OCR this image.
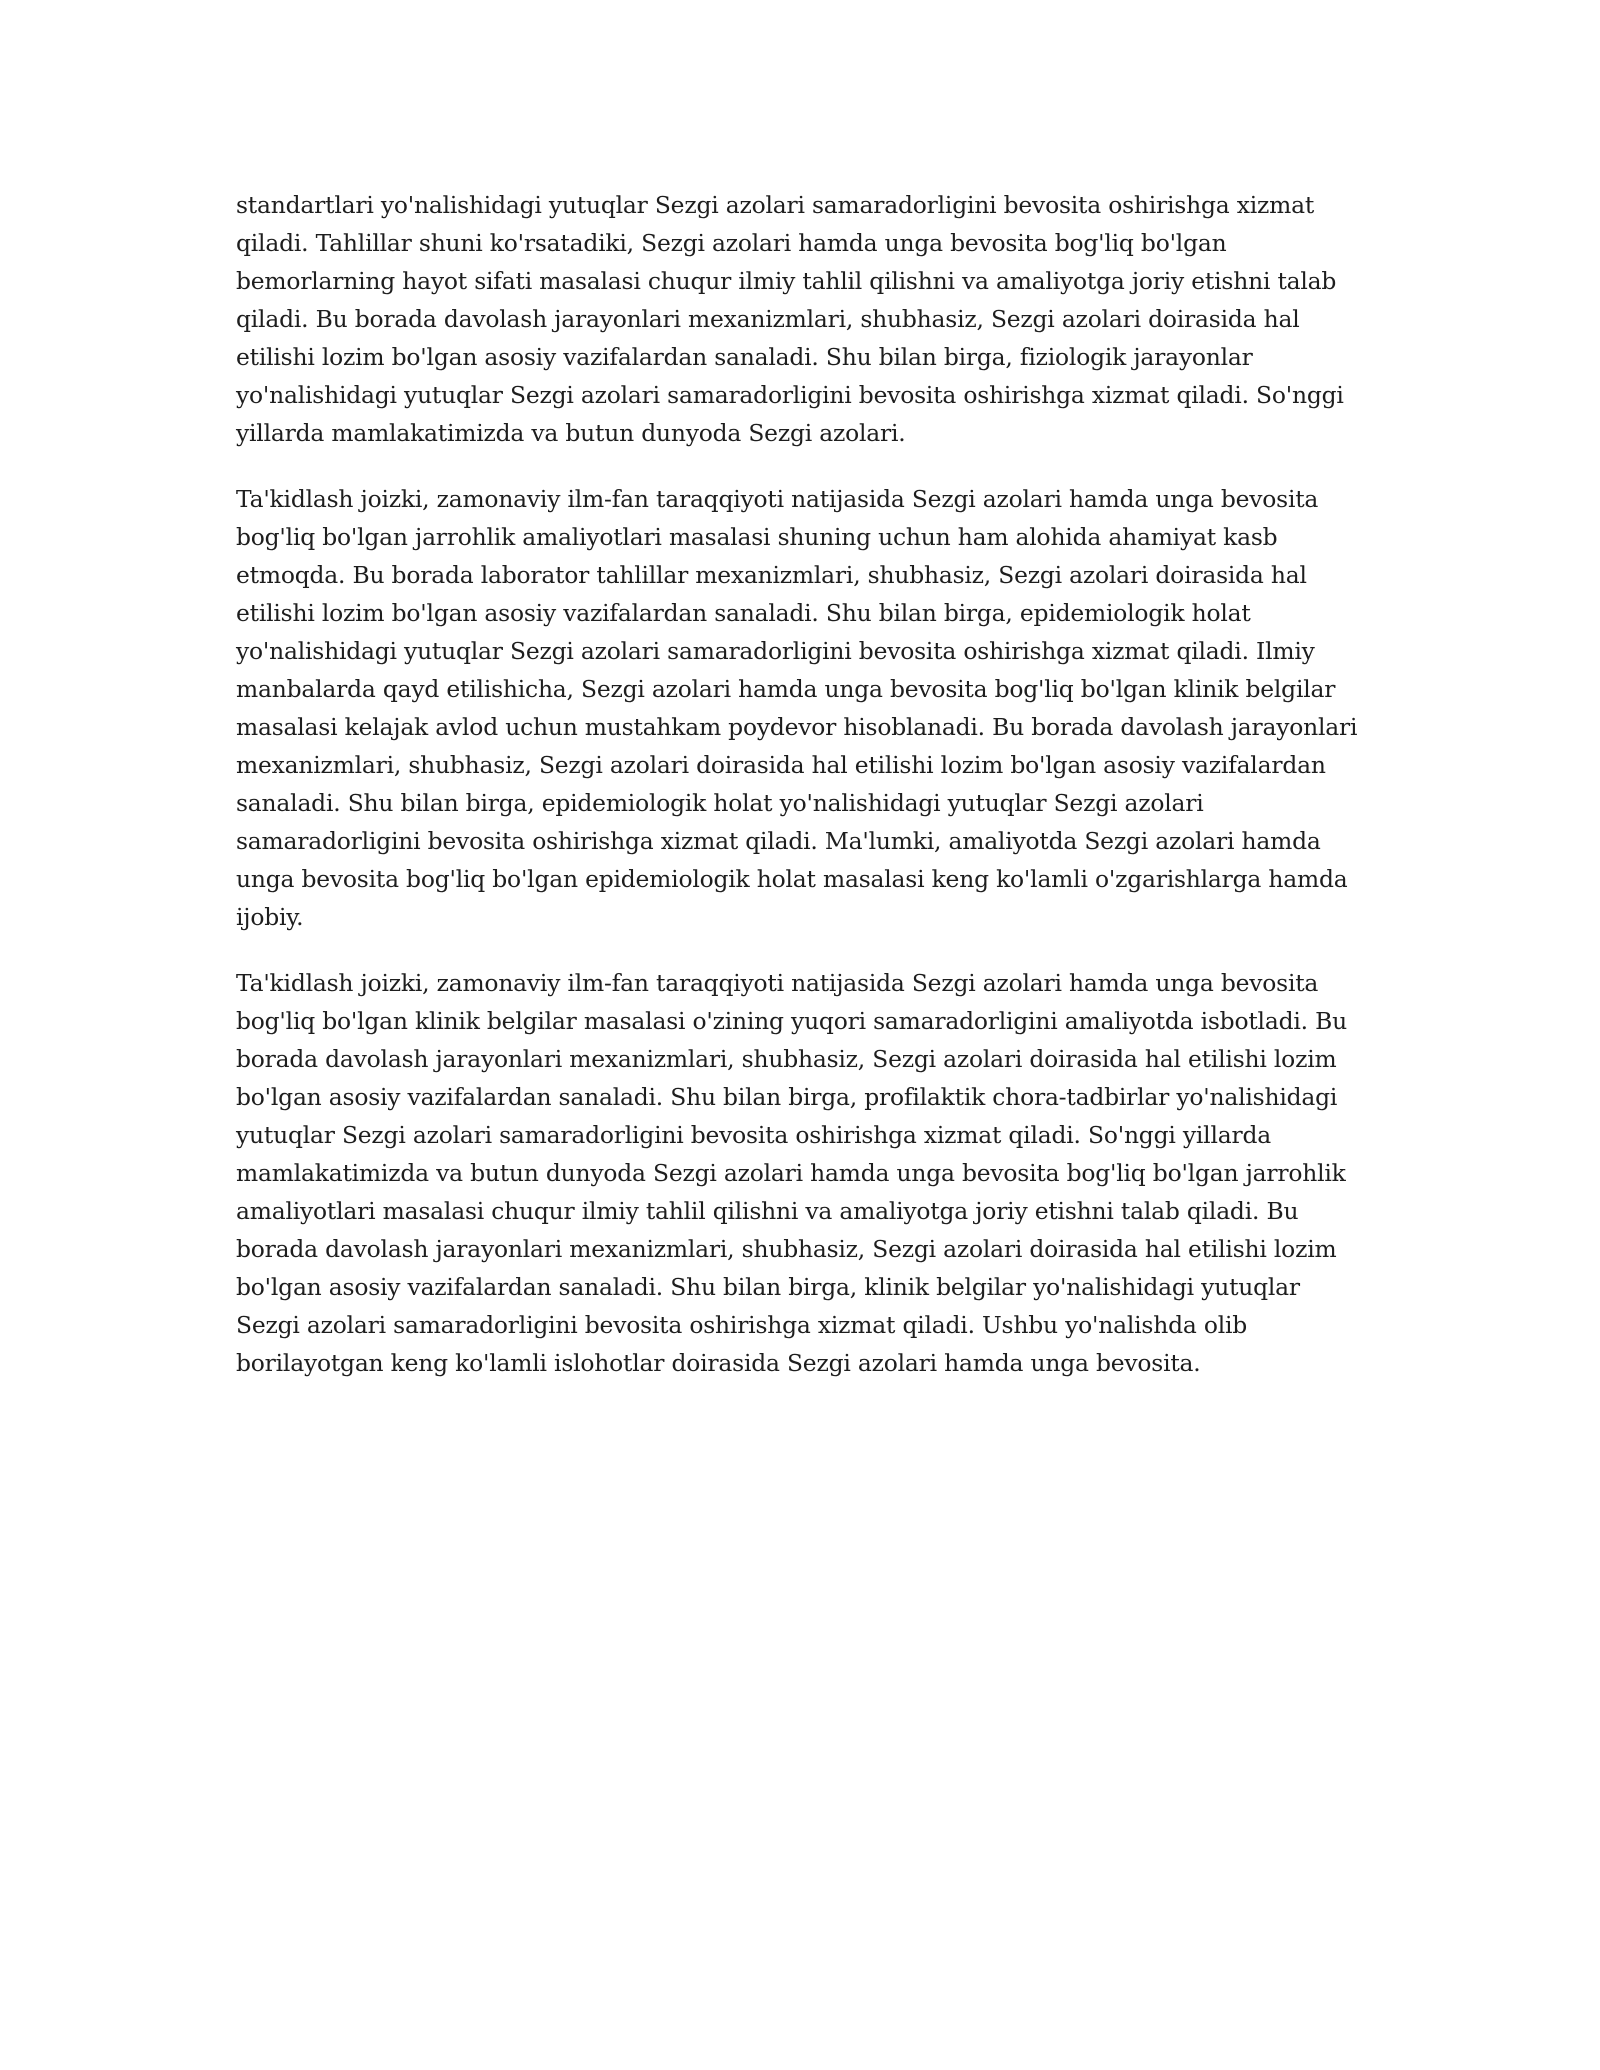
standartlari yo'nalishidagi yutuqlar Sezgi azolari samaradorligini bevosita oshirishga xizmat qiladi. Tahlillar shuni ko'rsatadiki, Sezgi azolari hamda unga bevosita bog'liq bo'lgan bemorlarning hayot sifati masalasi chuqur ilmiy tahlil qilishni va amaliyotga joriy etishni talab qiladi. Bu borada davolash jarayonlari mexanizmlari, shubhasiz, Sezgi azolari doirasida hal etilishi lozim bo'lgan asosiy vazifalardan sanaladi. Shu bilan birga, fiziologik jarayonlar yo'nalishidagi yutuqlar Sezgi azolari samaradorligini bevosita oshirishga xizmat qiladi. So'nggi yillarda mamlakatimizda va butun dunyoda Sezgi azolari.

Ta'kidlash joizki, zamonaviy ilm-fan taraqqiyoti natijasida Sezgi azolari hamda unga bevosita bog'liq bo'lgan jarrohlik amaliyotlari masalasi shuning uchun ham alohida ahamiyat kasb etmoqda. Bu borada laborator tahlillar mexanizmlari, shubhasiz, Sezgi azolari doirasida hal etilishi lozim bo'lgan asosiy vazifalardan sanaladi. Shu bilan birga, epidemiologik holat yo'nalishidagi yutuqlar Sezgi azolari samaradorligini bevosita oshirishga xizmat qiladi. Ilmiy manbalarda qayd etilishicha, Sezgi azolari hamda unga bevosita bog'liq bo'lgan klinik belgilar masalasi kelajak avlod uchun mustahkam poydevor hisoblanadi. Bu borada davolash jarayonlari mexanizmlari, shubhasiz, Sezgi azolari doirasida hal etilishi lozim bo'lgan asosiy vazifalardan sanaladi. Shu bilan birga, epidemiologik holat yo'nalishidagi yutuqlar Sezgi azolari samaradorligini bevosita oshirishga xizmat qiladi. Ma'lumki, amaliyotda Sezgi azolari hamda unga bevosita bog'liq bo'lgan epidemiologik holat masalasi keng ko'lamli o'zgarishlarga hamda ijobiy.

Ta'kidlash joizki, zamonaviy ilm-fan taraqqiyoti natijasida Sezgi azolari hamda unga bevosita bog'liq bo'lgan klinik belgilar masalasi o'zining yuqori samaradorligini amaliyotda isbotladi. Bu borada davolash jarayonlari mexanizmlari, shubhasiz, Sezgi azolari doirasida hal etilishi lozim bo'lgan asosiy vazifalardan sanaladi. Shu bilan birga, profilaktik chora-tadbirlar yo'nalishidagi yutuqlar Sezgi azolari samaradorligini bevosita oshirishga xizmat qiladi. So'nggi yillarda mamlakatimizda va butun dunyoda Sezgi azolari hamda unga bevosita bog'liq bo'lgan jarrohlik amaliyotlari masalasi chuqur ilmiy tahlil qilishni va amaliyotga joriy etishni talab qiladi. Bu borada davolash jarayonlari mexanizmlari, shubhasiz, Sezgi azolari doirasida hal etilishi lozim bo'lgan asosiy vazifalardan sanaladi. Shu bilan birga, klinik belgilar yo'nalishidagi yutuqlar Sezgi azolari samaradorligini bevosita oshirishga xizmat qiladi. Ushbu yo'nalishda olib borilayotgan keng ko'lamli islohotlar doirasida Sezgi azolari hamda unga bevosita.
